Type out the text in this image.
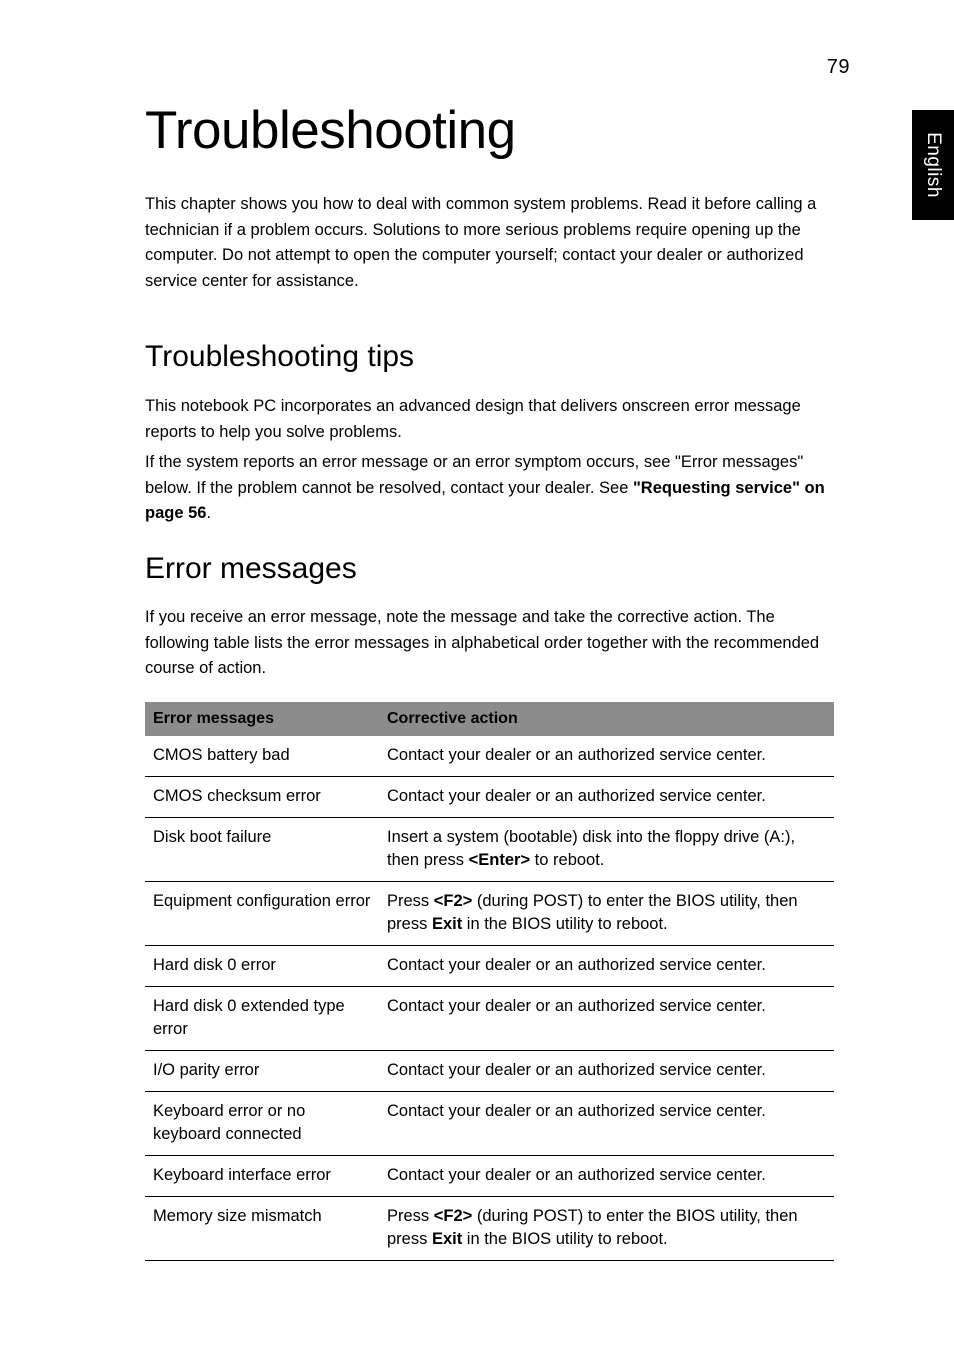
79
English
Troubleshooting
This chapter shows you how to deal with common system problems. Read it before calling a technician if a problem occurs. Solutions to more serious problems require opening up the computer. Do not attempt to open the computer yourself; contact your dealer or authorized service center for assistance.
Troubleshooting tips
This notebook PC incorporates an advanced design that delivers onscreen error message reports to help you solve problems.
If the system reports an error message or an error symptom occurs, see "Error messages" below. If the problem cannot be resolved, contact your dealer. See "Requesting service" on page 56.
Error messages
If you receive an error message, note the message and take the corrective action. The following table lists the error messages in alphabetical order together with the recommended course of action.
Error messages	Corrective action
CMOS battery bad	Contact your dealer or an authorized service center.
CMOS checksum error	Contact your dealer or an authorized service center.
Disk boot failure	Insert a system (bootable) disk into the floppy drive (A:), then press <Enter> to reboot.
Equipment configuration error	Press <F2> (during POST) to enter the BIOS utility, then press Exit in the BIOS utility to reboot.
Hard disk 0 error	Contact your dealer or an authorized service center.
Hard disk 0 extended type error	Contact your dealer or an authorized service center.
I/O parity error	Contact your dealer or an authorized service center.
Keyboard error or no keyboard connected	Contact your dealer or an authorized service center.
Keyboard interface error	Contact your dealer or an authorized service center.
Memory size mismatch	Press <F2> (during POST) to enter the BIOS utility, then press Exit in the BIOS utility to reboot.
